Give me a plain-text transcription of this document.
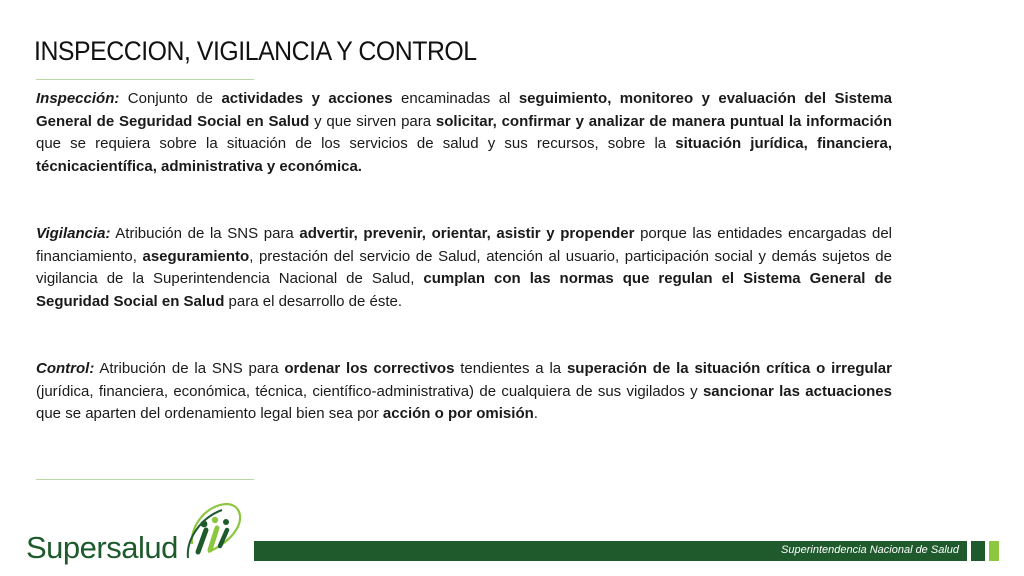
INSPECCION, VIGILANCIA Y CONTROL

Inspección: Conjunto de actividades y acciones encaminadas al seguimiento, monitoreo y evaluación del Sistema General de Seguridad Social en Salud y que sirven para solicitar, confirmar y analizar de manera puntual la información que se requiera sobre la situación de los servicios de salud y sus recursos, sobre la situación jurídica, financiera, técnicacientífica, administrativa y económica.

Vigilancia: Atribución de la SNS para advertir, prevenir, orientar, asistir y propender porque las entidades encargadas del financiamiento, aseguramiento, prestación del servicio de Salud, atención al usuario, participación social y demás sujetos de vigilancia de la Superintendencia Nacional de Salud, cumplan con las normas que regulan el Sistema General de Seguridad Social en Salud para el desarrollo de éste.

Control: Atribución de la SNS para ordenar los correctivos tendientes a la superación de la situación crítica o irregular (jurídica, financiera, económica, técnica, científico-administrativa) de cualquiera de sus vigilados y sancionar las actuaciones que se aparten del ordenamiento legal bien sea por acción o por omisión.

Supersalud	Superintendencia Nacional de Salud
